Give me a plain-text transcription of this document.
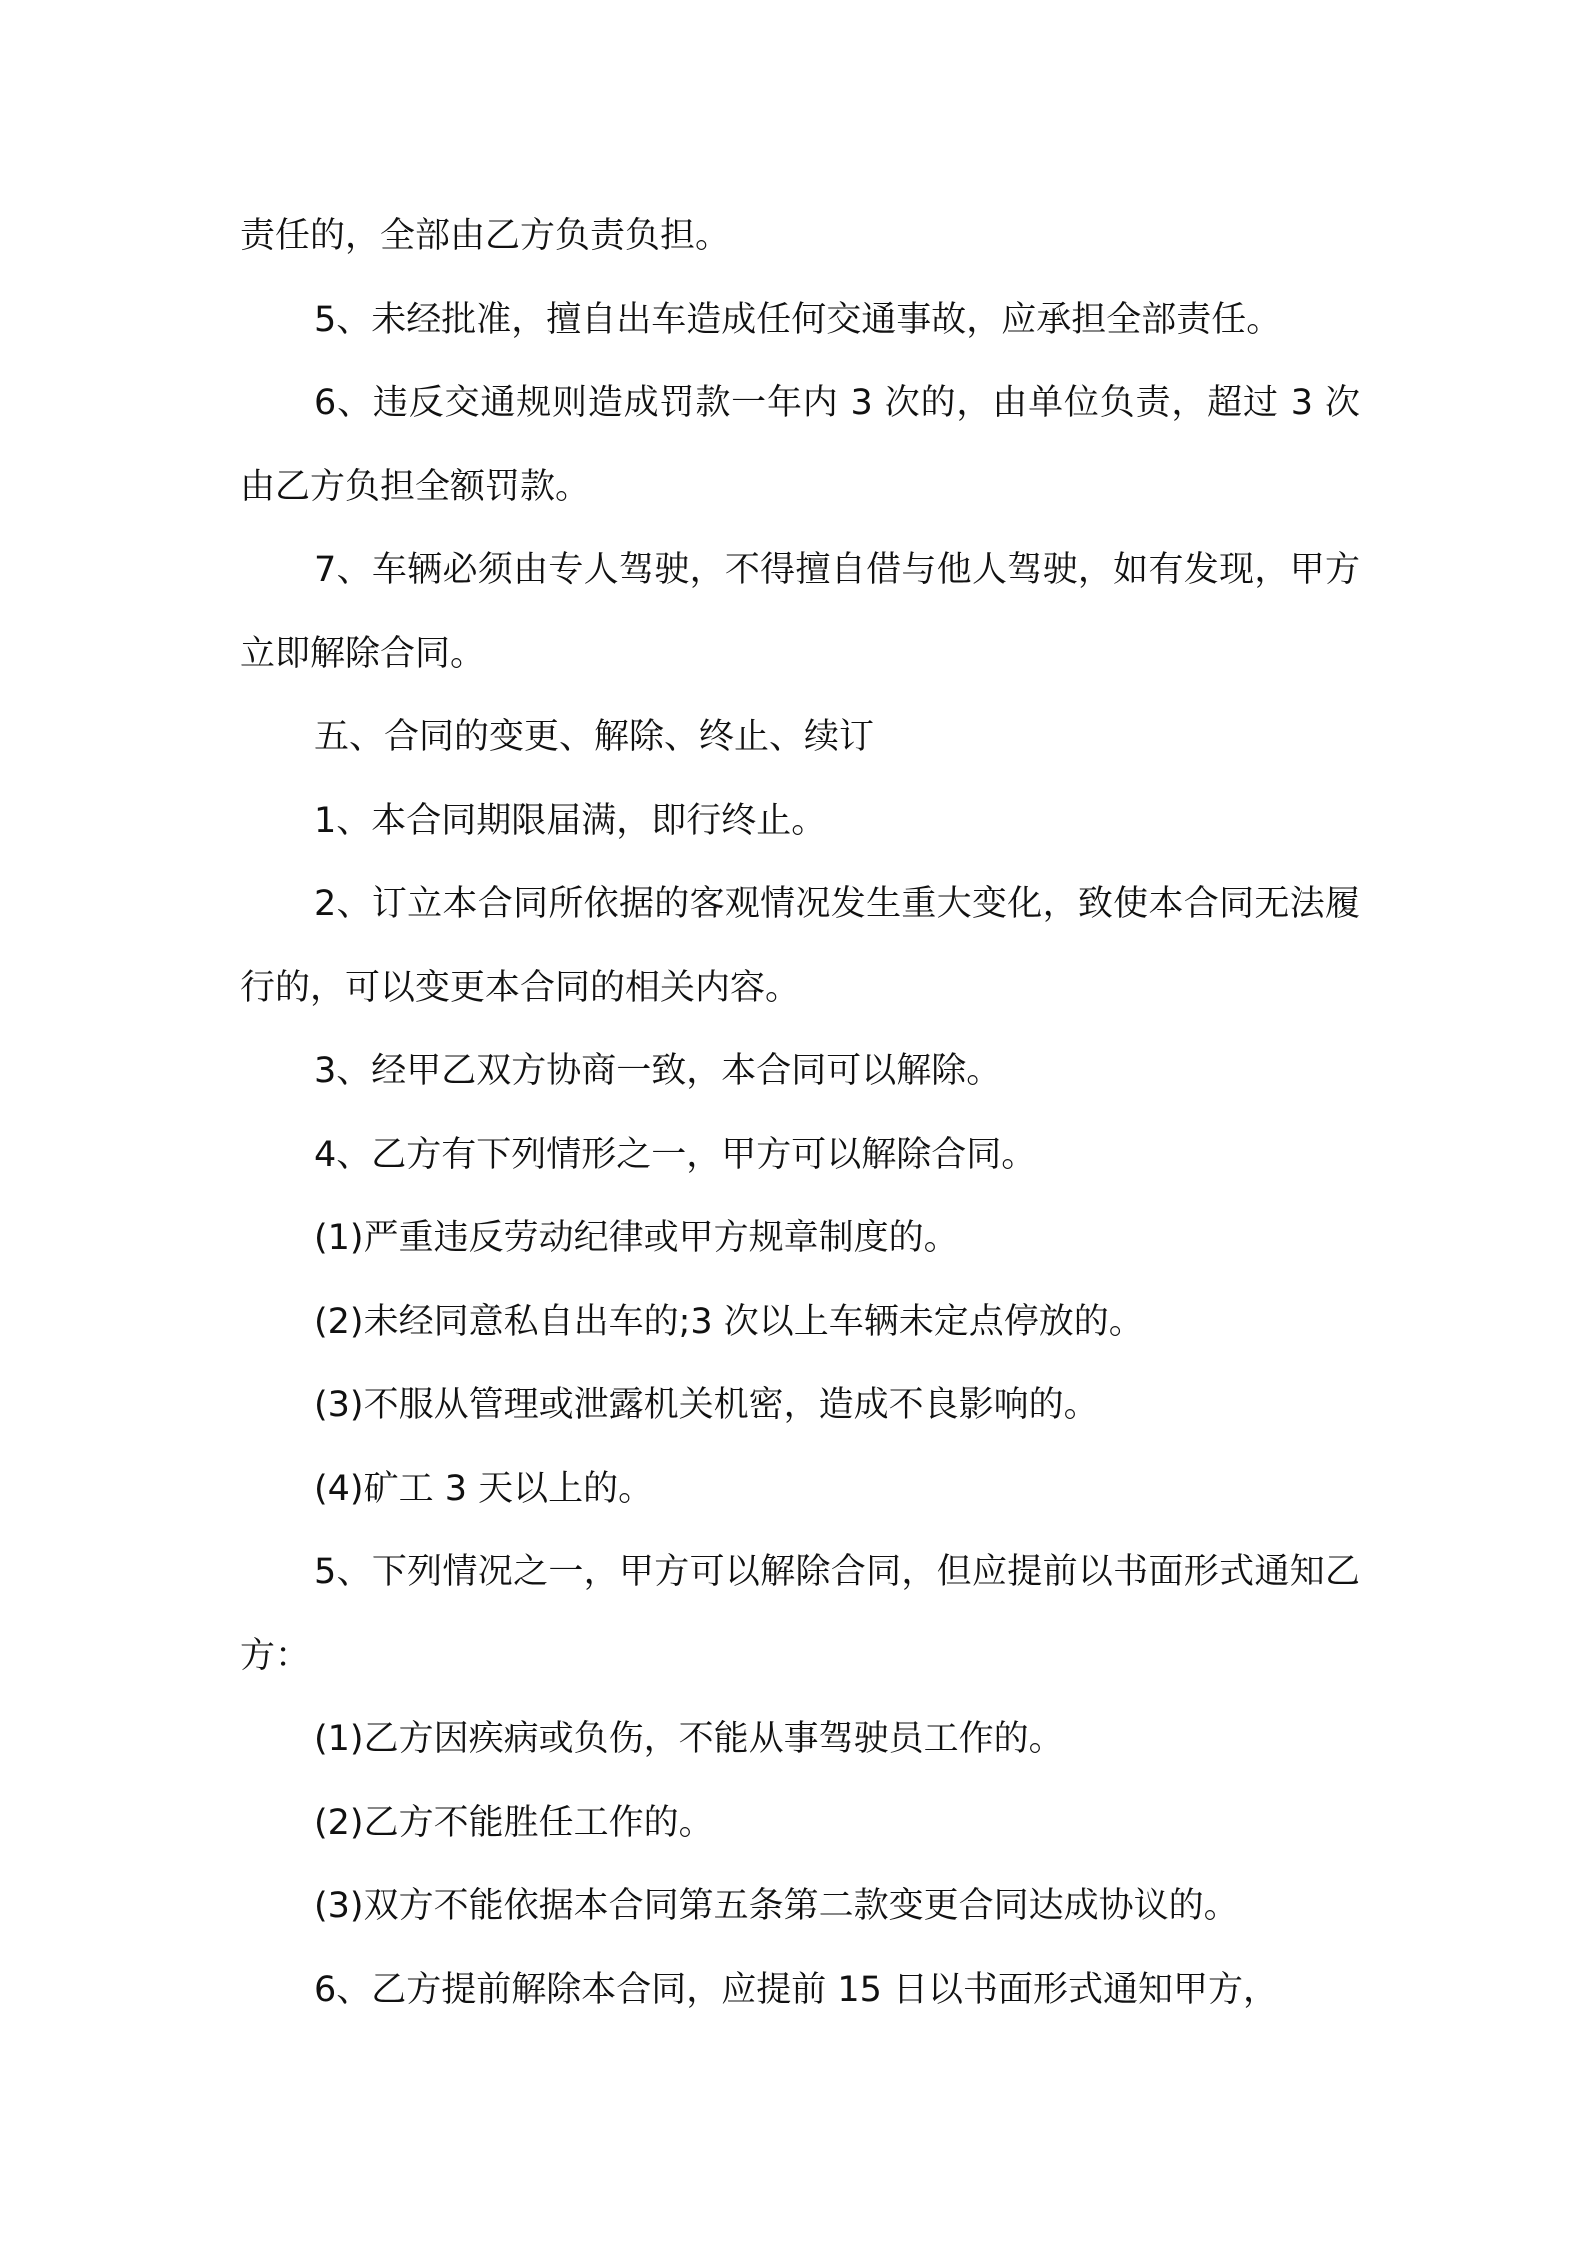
责任的，全部由乙方负责负担。

5、未经批准，擅自出车造成任何交通事故，应承担全部责任。

6、违反交通规则造成罚款一年内 3 次的，由单位负责，超过 3 次由乙方负担全额罚款。

7、车辆必须由专人驾驶，不得擅自借与他人驾驶，如有发现，甲方立即解除合同。

五、合同的变更、解除、终止、续订

1、本合同期限届满，即行终止。

2、订立本合同所依据的客观情况发生重大变化，致使本合同无法履行的，可以变更本合同的相关内容。

3、经甲乙双方协商一致，本合同可以解除。

4、乙方有下列情形之一，甲方可以解除合同。

(1)严重违反劳动纪律或甲方规章制度的。

(2)未经同意私自出车的;3 次以上车辆未定点停放的。

(3)不服从管理或泄露机关机密，造成不良影响的。

(4)矿工 3 天以上的。

5、下列情况之一，甲方可以解除合同，但应提前以书面形式通知乙方：

(1)乙方因疾病或负伤，不能从事驾驶员工作的。

(2)乙方不能胜任工作的。

(3)双方不能依据本合同第五条第二款变更合同达成协议的。

6、乙方提前解除本合同，应提前 15 日以书面形式通知甲方，
